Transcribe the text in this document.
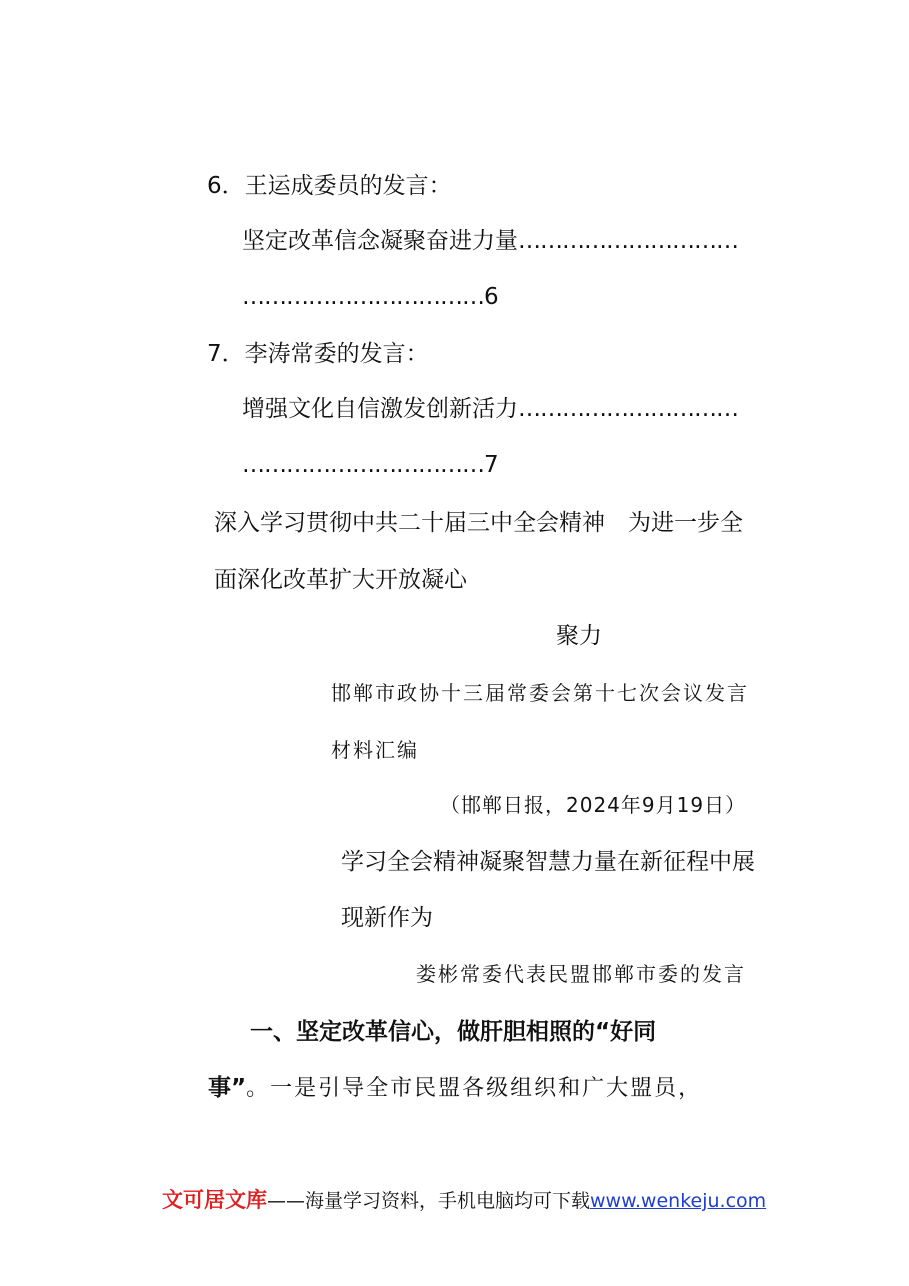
6．王运成委员的发言：
坚定改革信念凝聚奋进力量…………………………
……………………………6
7．李涛常委的发言：
增强文化自信激发创新活力…………………………
……………………………7
深入学习贯彻中共二十届三中全会精神　为进一步全
面深化改革扩大开放凝心
聚力
邯郸市政协十三届常委会第十七次会议发言
材料汇编
（邯郸日报，2024年9月19日）
学习全会精神凝聚智慧力量在新征程中展
现新作为
娄彬常委代表民盟邯郸市委的发言
一、坚定改革信心，做肝胆相照的“好同
事”。一是引导全市民盟各级组织和广大盟员，
文可居文库——海量学习资料，手机电脑均可下载www.wenkeju.com
